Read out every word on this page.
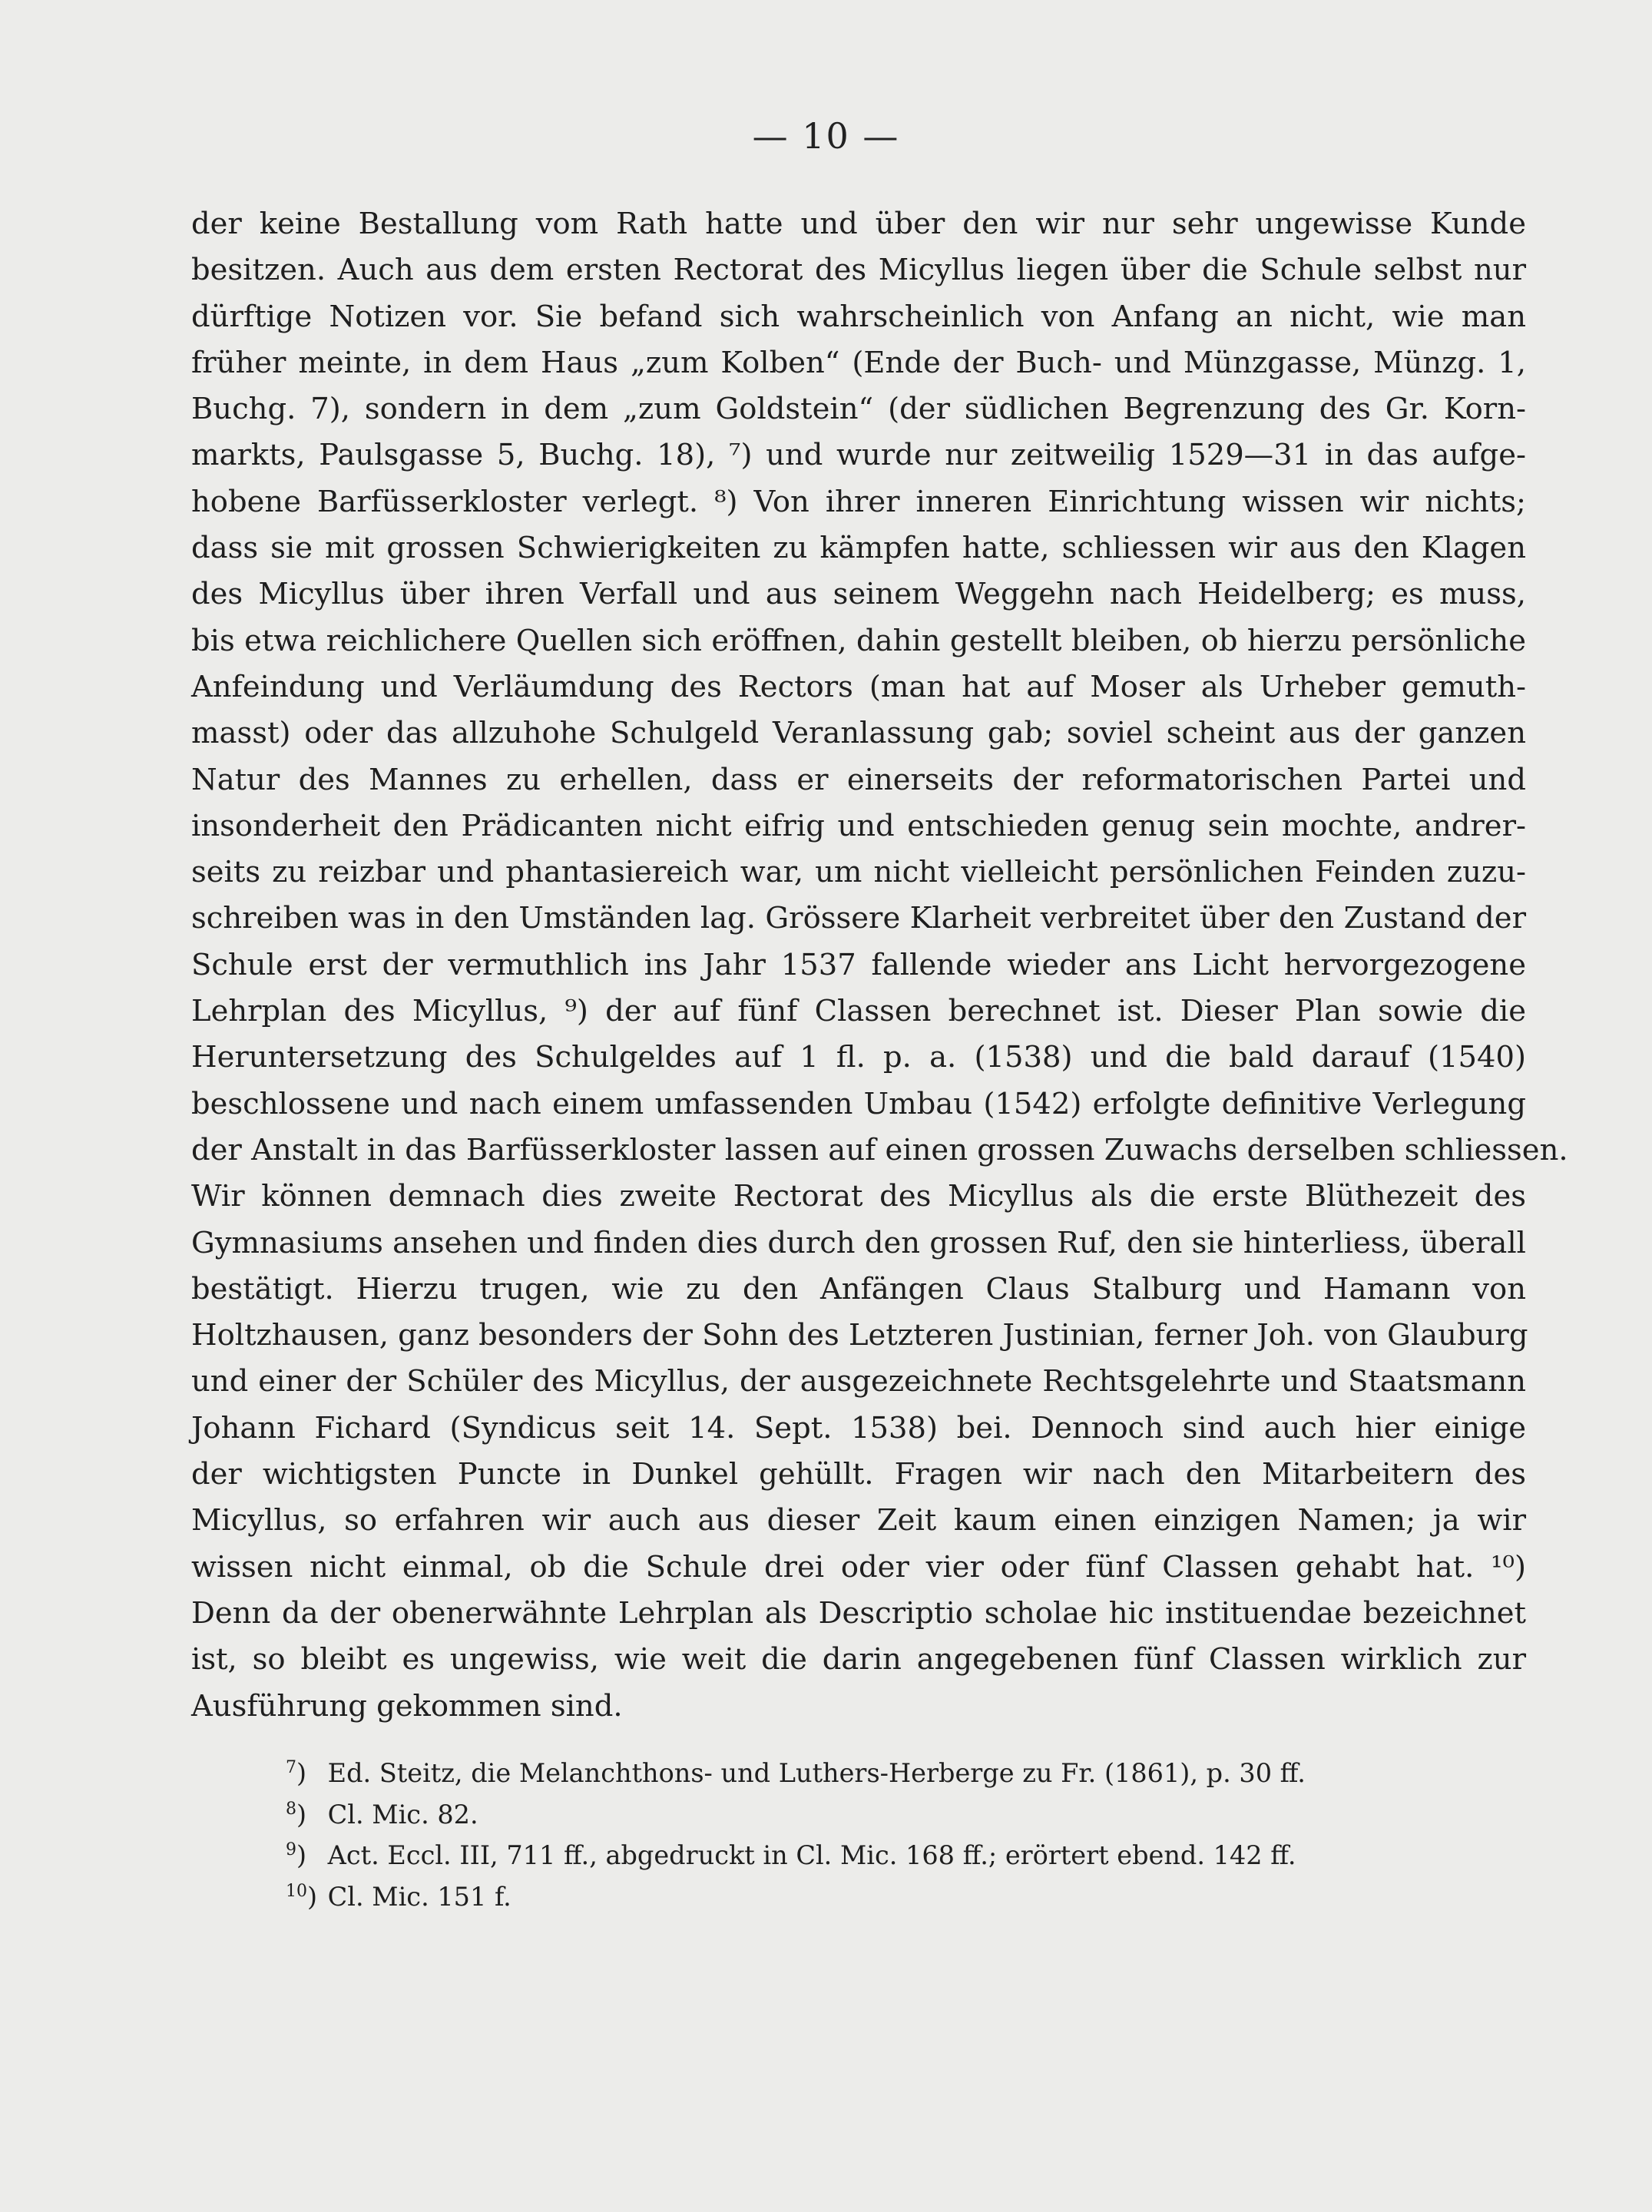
— 10 —
der keine Bestallung vom Rath hatte und über den wir nur sehr ungewisse Kunde
besitzen. Auch aus dem ersten Rectorat des Micyllus liegen über die Schule selbst nur
dürftige Notizen vor. Sie befand sich wahrscheinlich von Anfang an nicht, wie man
früher meinte, in dem Haus „zum Kolben“ (Ende der Buch- und Münzgasse, Münzg. 1,
Buchg. 7), sondern in dem „zum Goldstein“ (der südlichen Begrenzung des Gr. Korn-
markts, Paulsgasse 5, Buchg. 18), ⁷) und wurde nur zeitweilig 1529—31 in das aufge-
hobene Barfüsserkloster verlegt. ⁸) Von ihrer inneren Einrichtung wissen wir nichts;
dass sie mit grossen Schwierigkeiten zu kämpfen hatte, schliessen wir aus den Klagen
des Micyllus über ihren Verfall und aus seinem Weggehn nach Heidelberg; es muss,
bis etwa reichlichere Quellen sich eröffnen, dahin gestellt bleiben, ob hierzu persönliche
Anfeindung und Verläumdung des Rectors (man hat auf Moser als Urheber gemuth-
masst) oder das allzuhohe Schulgeld Veranlassung gab; soviel scheint aus der ganzen
Natur des Mannes zu erhellen, dass er einerseits der reformatorischen Partei und
insonderheit den Prädicanten nicht eifrig und entschieden genug sein mochte, andrer-
seits zu reizbar und phantasiereich war, um nicht vielleicht persönlichen Feinden zuzu-
schreiben was in den Umständen lag. Grössere Klarheit verbreitet über den Zustand der
Schule erst der vermuthlich ins Jahr 1537 fallende wieder ans Licht hervorgezogene
Lehrplan des Micyllus, ⁹) der auf fünf Classen berechnet ist. Dieser Plan sowie die
Heruntersetzung des Schulgeldes auf 1 fl. p. a. (1538) und die bald darauf (1540)
beschlossene und nach einem umfassenden Umbau (1542) erfolgte definitive Verlegung
der Anstalt in das Barfüsserkloster lassen auf einen grossen Zuwachs derselben schliessen.
Wir können demnach dies zweite Rectorat des Micyllus als die erste Blüthezeit des
Gymnasiums ansehen und finden dies durch den grossen Ruf, den sie hinterliess, überall
bestätigt. Hierzu trugen, wie zu den Anfängen Claus Stalburg und Hamann von
Holtzhausen, ganz besonders der Sohn des Letzteren Justinian, ferner Joh. von Glauburg
und einer der Schüler des Micyllus, der ausgezeichnete Rechtsgelehrte und Staatsmann
Johann Fichard (Syndicus seit 14. Sept. 1538) bei. Dennoch sind auch hier einige
der wichtigsten Puncte in Dunkel gehüllt. Fragen wir nach den Mitarbeitern des
Micyllus, so erfahren wir auch aus dieser Zeit kaum einen einzigen Namen; ja wir
wissen nicht einmal, ob die Schule drei oder vier oder fünf Classen gehabt hat. ¹⁰)
Denn da der obenerwähnte Lehrplan als Descriptio scholae hic instituendae bezeichnet
ist, so bleibt es ungewiss, wie weit die darin angegebenen fünf Classen wirklich zur
Ausführung gekommen sind.
$^7$) Ed. Steitz, die Melanchthons- und Luthers-Herberge zu Fr. (1861), p. 30 ff.
$^8$) Cl. Mic. 82.
$^9$) Act. Eccl. III, 711 ff., abgedruckt in Cl. Mic. 168 ff.; erörtert ebend. 142 ff.
$^{10}$) Cl. Mic. 151 f.
